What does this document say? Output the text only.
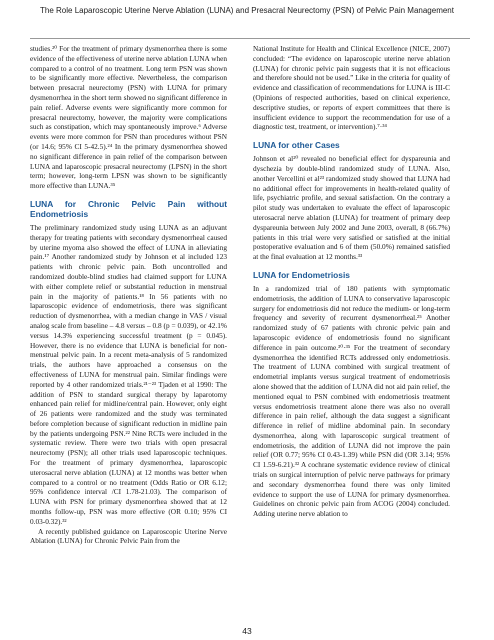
The Role Laparoscopic Uterine Nerve Ablation (LUNA) and Presacral Neurectomy (PSN) of Pelvic Pain Management

studies.²⁰ For the treatment of primary dysmenorrhea there is some evidence of the effectiveness of uterine nerve ablation LUNA when compared to a control of no treatment. Long term PSN was shown to be significantly more effective. Nevertheless, the comparison between presacral neurectomy (PSN) with LUNA for primary dysmenorrhea in the short term showed no significant difference in pain relief. Adverse events were significantly more common for presacral neurectomy, however, the majority were complications such as constipation, which may spontaneously improve.⁶ Adverse events were more common for PSN than procedures without PSN (or 14.6; 95% CI 5-42.5).²⁴ In the primary dysmenorrhea showed no significant difference in pain relief of the comparison between LUNA and laparoscopic presacral neurectomy (LPSN) in the short term; however, long-term LPSN was shown to be significantly more effective than LUNA.³⁵

LUNA for Chronic Pelvic Pain without Endometriosis

The preliminary randomized study using LUNA as an adjuvant therapy for treating patients with secondary dysmenorrheal caused by uterine myoma also showed the effect of LUNA in alleviating pain.¹⁷ Another randomized study by Johnson et al included 123 patients with chronic pelvic pain. Both uncontrolled and randomized double-blind studies had claimed support for LUNA with either complete relief or substantial reduction in menstrual pain in the majority of patients.¹⁸ In 56 patients with no laparoscopic evidence of endometriosis, there was significant reduction of dysmenorrhea, with a median change in VAS / visual analog scale from baseline – 4.8 versus – 0.8 (p = 0.039), or 42.1% versus 14.3% experiencing successful treatment (p = 0.045). However, there is no evidence that LUNA is beneficial for non-menstrual pelvic pain. In a recent meta-analysis of 5 randomized trials, the authors have approached a consensus on the effectiveness of LUNA for menstrual pain. Similar findings were reported by 4 other randomized trials.²¹⁻²³ Tjaden et al 1990: The addition of PSN to standard surgical therapy by laparotomy enhanced pain relief for midline/central pain. However, only eight of 26 patients were randomized and the study was terminated before completion because of significant reduction in midline pain by the patients undergoing PSN.²² Nine RCTs were included in the systematic review. There were two trials with open presacral neurectomy (PSN); all other trials used laparoscopic techniques. For the treatment of primary dysmenorrhea, laparoscopic uterosacral nerve ablation (LUNA) at 12 months was better when compared to a control or no treatment (Odds Ratio or OR 6.12; 95% confidence interval /CI 1.78-21.03). The comparison of LUNA with PSN for primary dysmenorrhea showed that at 12 months follow-up, PSN was more effective (OR 0.10; 95% CI 0.03-0.32).³²

A recently published guidance on Laparoscopic Uterine Nerve Ablation (LUNA) for Chronic Pelvic Pain from the

National Institute for Health and Clinical Excellence (NICE, 2007) concluded: “The evidence on laparoscopic uterine nerve ablation (LUNA) for chronic pelvic pain suggests that it is not efficacious and therefore should not be used.” Like in the criteria for quality of evidence and classification of recommendations for LUNA is III-C (Opinions of respected authorities, based on clinical experience, descriptive studies, or reports of expert committees that there is insufficient evidence to support the recommendation for use of a diagnostic test, treatment, or intervention).⁷·³⁴

LUNA for other Cases

Johnson et al²⁰ revealed no beneficial effect for dyspareunia and dyschezia by double-blind randomized study of LUNA. Also, another Vercellini et al²³ randomized study showed that LUNA had no additional effect for improvements in health-related quality of life, psychiatric profile, and sexual satisfaction. On the contrary a pilot study was undertaken to evaluate the effect of laparoscopic uterosacral nerve ablation (LUNA) for treatment of primary deep dyspareunia between July 2002 and June 2003, overall, 8 (66.7%) patients in this trial were very satisfied or satisfied at the initial postoperative evaluation and 6 of them (50.0%) remained satisfied at the final evaluation at 12 months.³³

LUNA for Endometriosis

In a randomized trial of 180 patients with symptomatic endometriosis, the addition of LUNA to conservative laparoscopic surgery for endometriosis did not reduce the medium- or long-term frequency and severity of recurrent dysmenorrheal.²⁵ Another randomized study of 67 patients with chronic pelvic pain and laparoscopic evidence of endometriosis found no significant difference in pain outcome.³⁰·³⁵ For the treatment of secondary dysmenorrhea the identified RCTs addressed only endometriosis. The treatment of LUNA combined with surgical treatment of endometrial implants versus surgical treatment of endometriosis alone showed that the addition of LUNA did not aid pain relief, the mentioned equal to PSN combined with endometriosis treatment versus endometriosis treatment alone there was also no overall difference in pain relief, although the data suggest a significant difference in relief of midline abdominal pain. In secondary dysmenorrhea, along with laparoscopic surgical treatment of endometriosis, the addition of LUNA did not improve the pain relief (OR 0.77; 95% CI 0.43-1.39) while PSN did (OR 3.14; 95% CI 1.59-6.21).³² A cochrane systematic evidence review of clinical trials on surgical interruption of pelvic nerve pathways for primary and secondary dysmenorrhea found there was only limited evidence to support the use of LUNA for primary dysmenorrhea. Guidelines on chronic pelvic pain from ACOG (2004) concluded. Adding uterine nerve ablation to

43
